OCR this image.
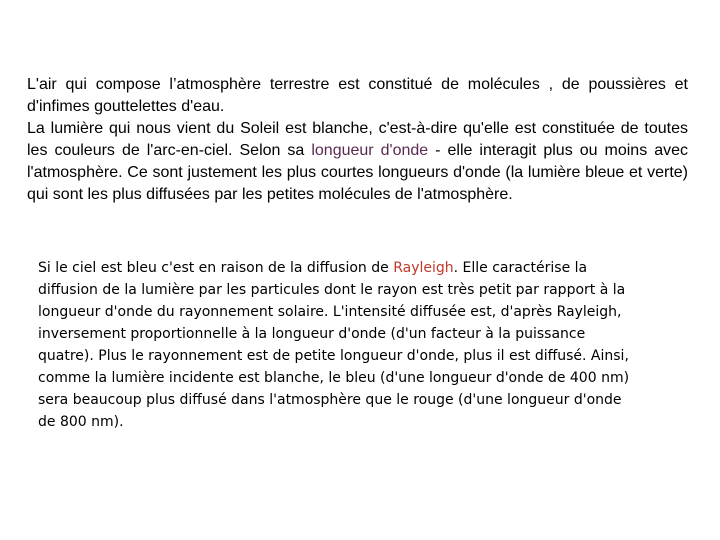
L'air qui compose l’atmosphère terrestre est constitué de molécules , de poussières et d'infimes gouttelettes d'eau.

La lumière qui nous vient du Soleil est blanche, c'est-à-dire qu'elle est constituée de toutes les couleurs de l'arc-en-ciel. Selon sa longueur d'onde - elle interagit plus ou moins avec l'atmosphère. Ce sont justement les plus courtes longueurs d'onde (la lumière bleue et verte) qui sont les plus diffusées par les petites molécules de l'atmosphère.

Si le ciel est bleu c'est en raison de la diffusion de Rayleigh. Elle caractérise la diffusion de la lumière par les particules dont le rayon est très petit par rapport à la longueur d'onde du rayonnement solaire. L'intensité diffusée est, d'après Rayleigh, inversement proportionnelle à la longueur d'onde (d'un facteur à la puissance quatre). Plus le rayonnement est de petite longueur d'onde, plus il est diffusé. Ainsi, comme la lumière incidente est blanche, le bleu (d'une longueur d'onde de 400 nm) sera beaucoup plus diffusé dans l'atmosphère que le rouge (d'une longueur d'onde de 800 nm).
